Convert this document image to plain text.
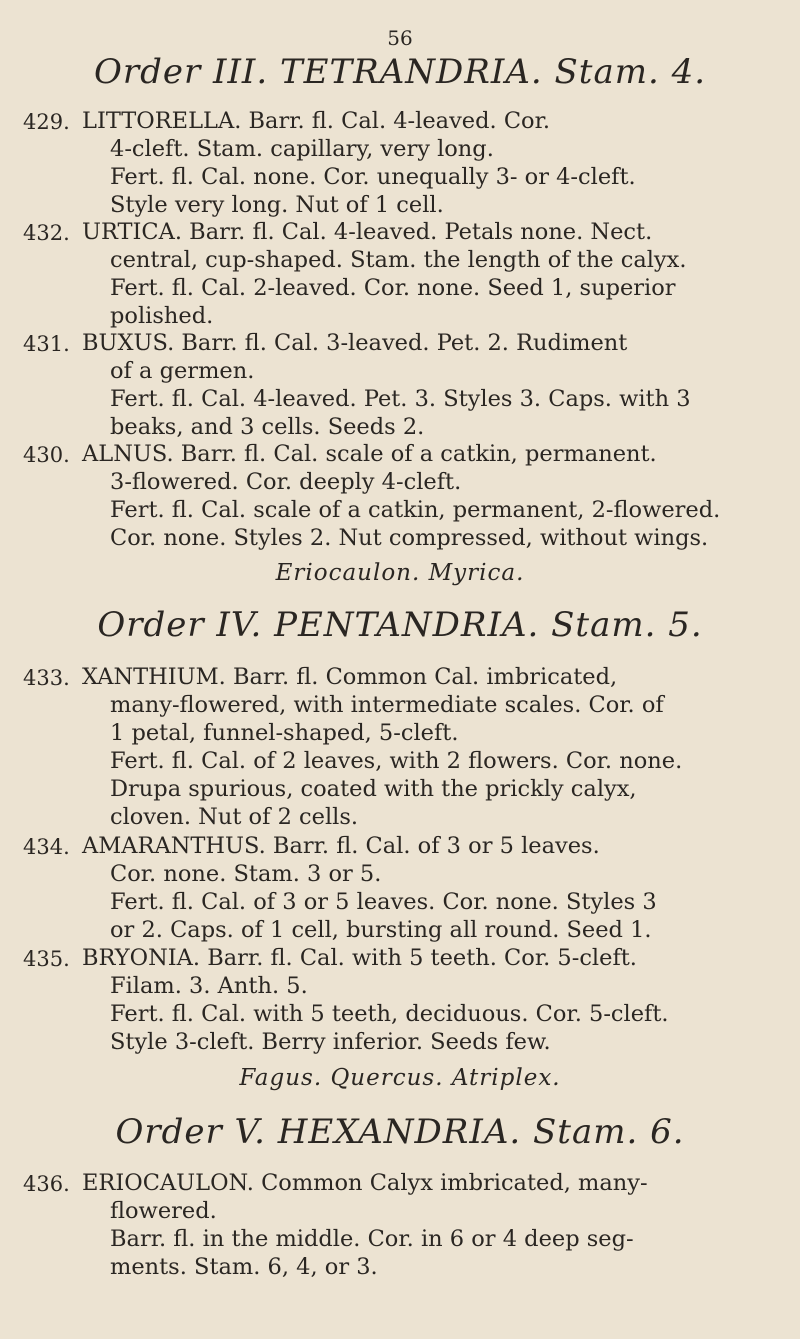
56
Order III. TETRANDRIA. Stam. 4.
429. LITTORELLA. Barr. fl. Cal. 4-leaved. Cor.
4-cleft. Stam. capillary, very long.
Fert. fl. Cal. none. Cor. unequally 3- or 4-cleft.
Style very long. Nut of 1 cell.
432. URTICA. Barr. fl. Cal. 4-leaved. Petals none. Nect.
central, cup-shaped. Stam. the length of the calyx.
Fert. fl. Cal. 2-leaved. Cor. none. Seed 1, superior
polished.
431. BUXUS. Barr. fl. Cal. 3-leaved. Pet. 2. Rudiment
of a germen.
Fert. fl. Cal. 4-leaved. Pet. 3. Styles 3. Caps. with 3
beaks, and 3 cells. Seeds 2.
430. ALNUS. Barr. fl. Cal. scale of a catkin, permanent.
3-flowered. Cor. deeply 4-cleft.
Fert. fl. Cal. scale of a catkin, permanent, 2-flowered.
Cor. none. Styles 2. Nut compressed, without wings.
Eriocaulon. Myrica.
Order IV. PENTANDRIA. Stam. 5.
433. XANTHIUM. Barr. fl. Common Cal. imbricated,
many-flowered, with intermediate scales. Cor. of
1 petal, funnel-shaped, 5-cleft.
Fert. fl. Cal. of 2 leaves, with 2 flowers. Cor. none.
Drupa spurious, coated with the prickly calyx,
cloven. Nut of 2 cells.
434. AMARANTHUS. Barr. fl. Cal. of 3 or 5 leaves.
Cor. none. Stam. 3 or 5.
Fert. fl. Cal. of 3 or 5 leaves. Cor. none. Styles 3
or 2. Caps. of 1 cell, bursting all round. Seed 1.
435. BRYONIA. Barr. fl. Cal. with 5 teeth. Cor. 5-cleft.
Filam. 3. Anth. 5.
Fert. fl. Cal. with 5 teeth, deciduous. Cor. 5-cleft.
Style 3-cleft. Berry inferior. Seeds few.
Fagus. Quercus. Atriplex.
Order V. HEXANDRIA. Stam. 6.
436. ERIOCAULON. Common Calyx imbricated, many-
flowered.
Barr. fl. in the middle. Cor. in 6 or 4 deep seg-
ments. Stam. 6, 4, or 3.
